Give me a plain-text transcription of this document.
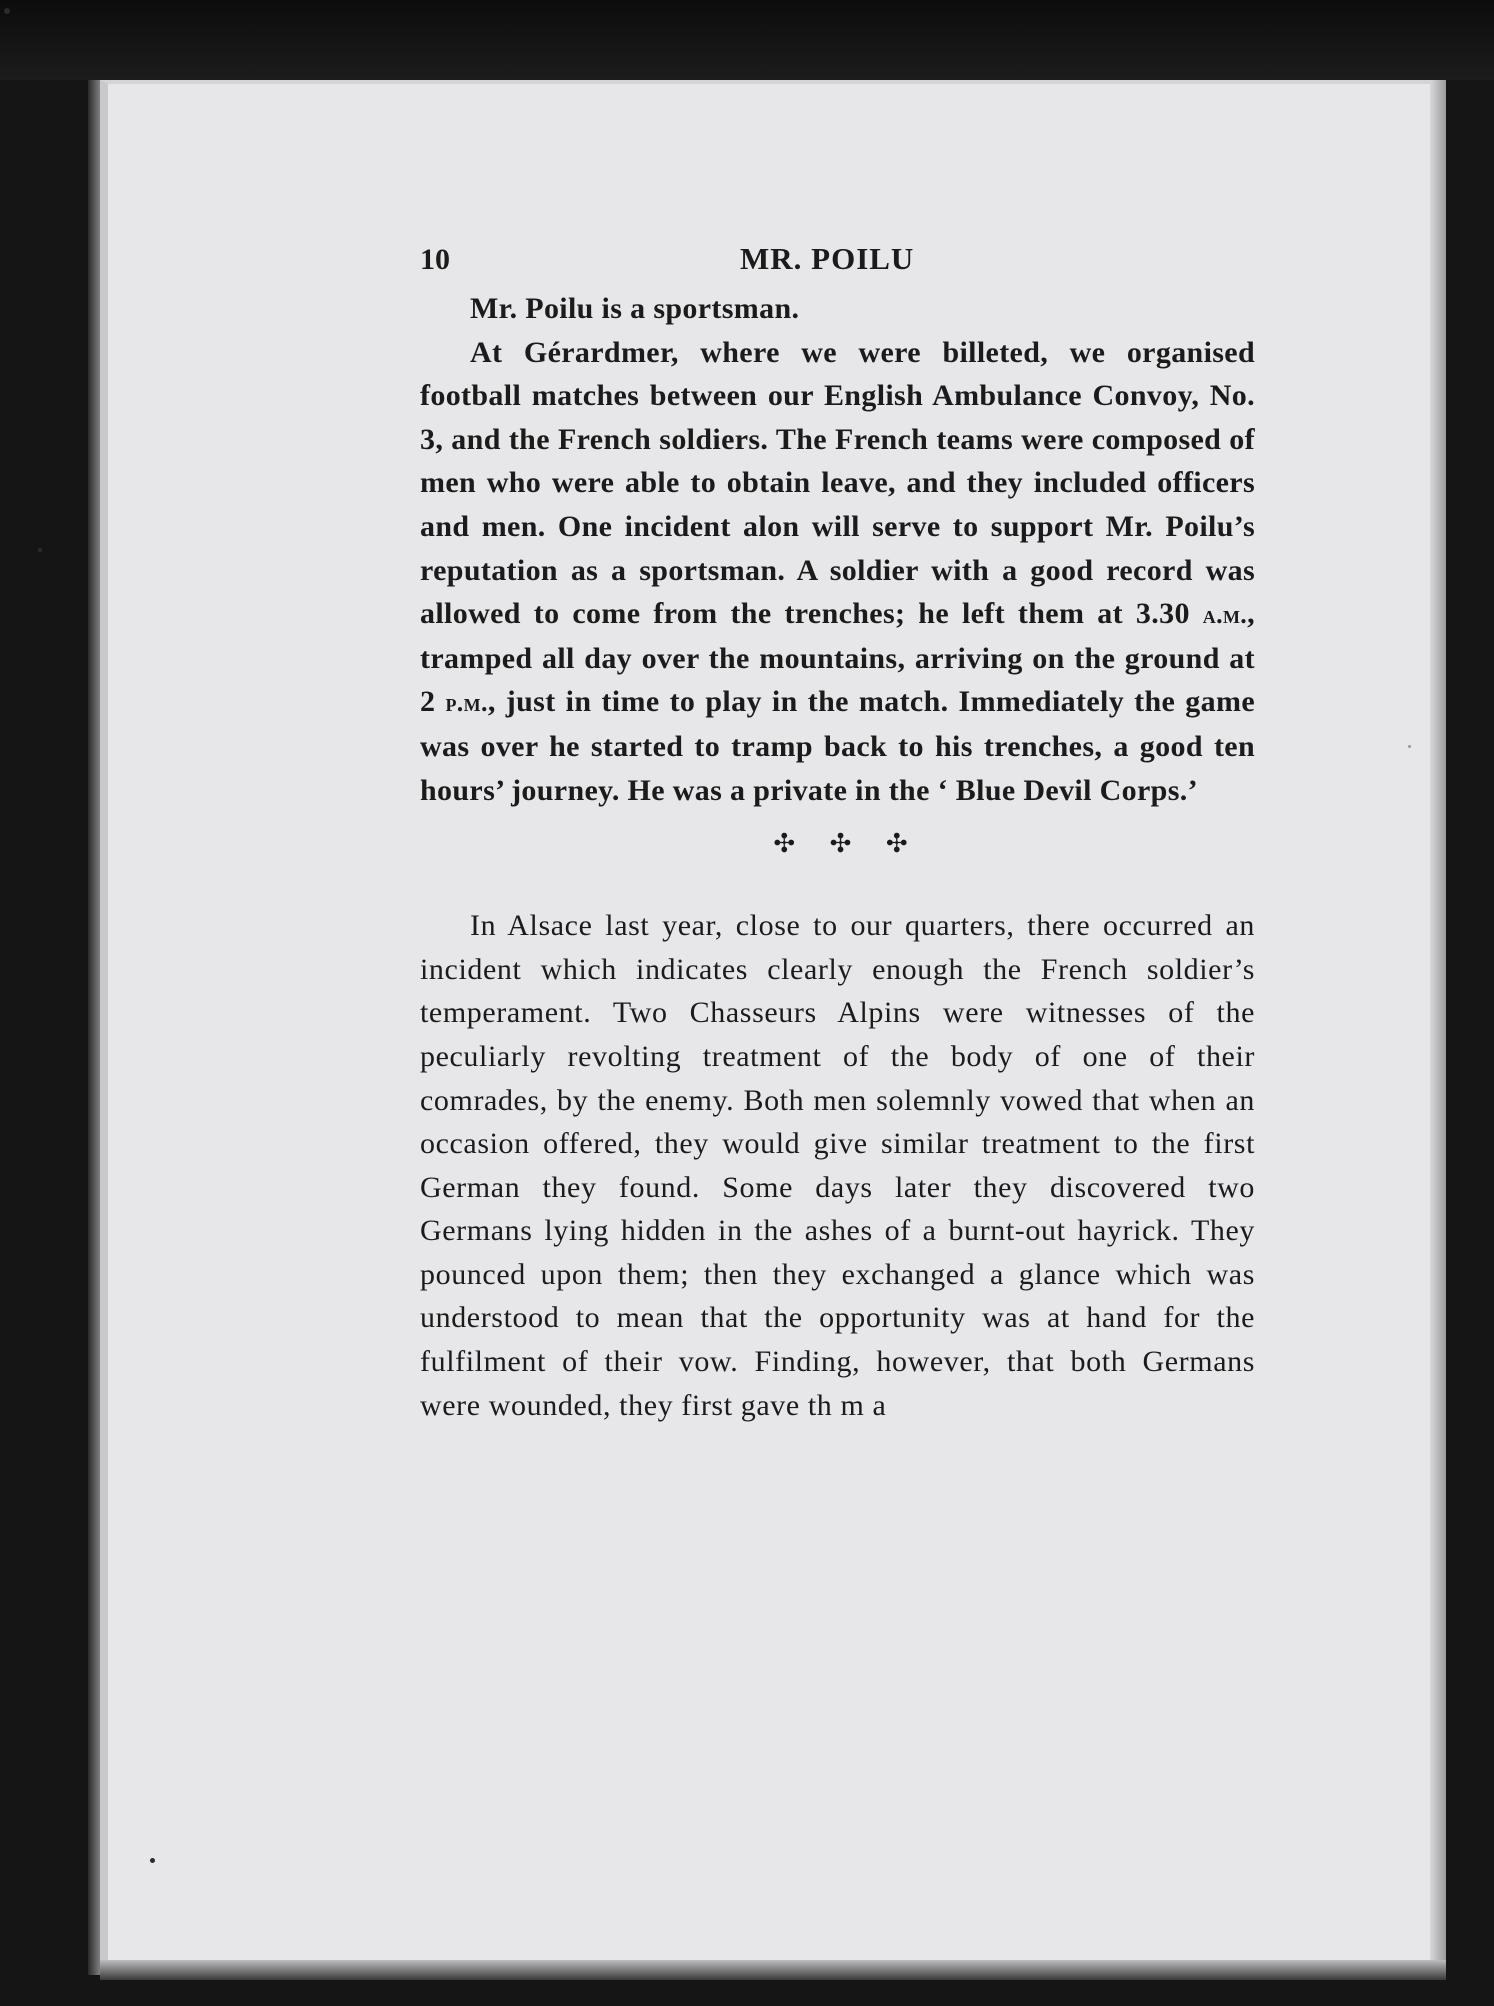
10	MR. POILU

Mr. Poilu is a sportsman.

At Gérardmer, where we were billeted, we organised football matches between our English Ambulance Convoy, No. 3, and the French soldiers. The French teams were composed of men who were able to obtain leave, and they included officers and men. One incident alon will serve to support Mr. Poilu’s reputation as a sportsman. A soldier with a good record was allowed to come from the trenches; he left them at 3.30 a.m., tramped all day over the mountains, arriving on the ground at 2 p.m., just in time to play in the match. Immediately the game was over he started to tramp back to his trenches, a good ten hours’ journey. He was a private in the ‘ Blue Devil Corps.’

✣ ✣ ✣

In Alsace last year, close to our quarters, there occurred an incident which indicates clearly enough the French soldier’s temperament. Two Chasseurs Alpins were witnesses of the peculiarly revolting treatment of the body of one of their comrades, by the enemy. Both men solemnly vowed that when an occasion offered, they would give similar treatment to the first German they found. Some days later they discovered two Germans lying hidden in the ashes of a burnt-out hayrick. They pounced upon them; then they exchanged a glance which was understood to mean that the opportunity was at hand for the fulfilment of their vow. Finding, however, that both Germans were wounded, they first gave th m a
